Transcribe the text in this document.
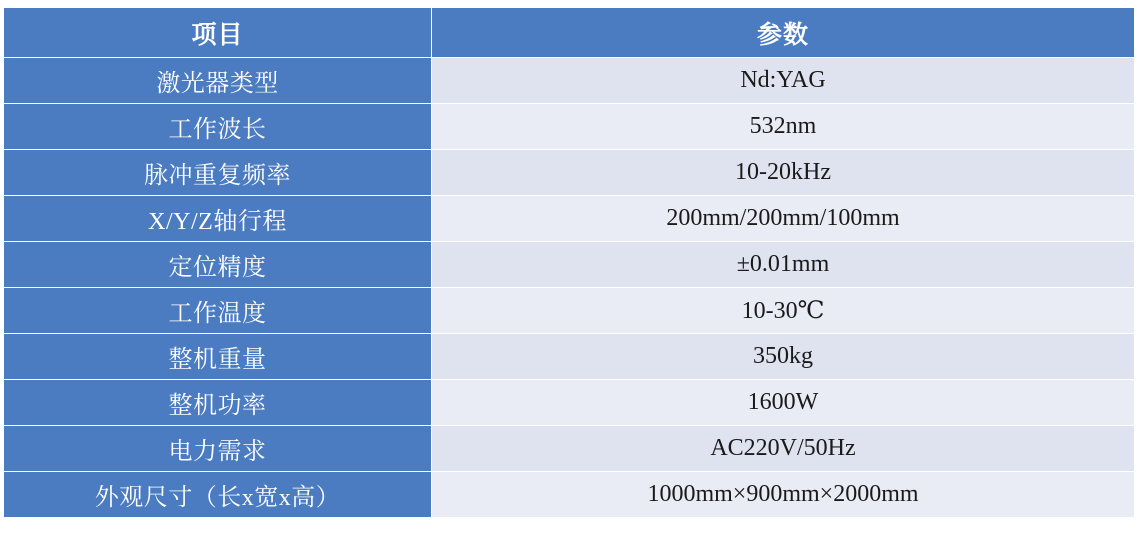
项目	参数
激光器类型	Nd:YAG
工作波长	532nm
脉冲重复频率	10-20kHz
X/Y/Z轴行程	200mm/200mm/100mm
定位精度	±0.01mm
工作温度	10-30℃
整机重量	350kg
整机功率	1600W
电力需求	AC220V/50Hz
外观尺寸（长x宽x高）	1000mm×900mm×2000mm
